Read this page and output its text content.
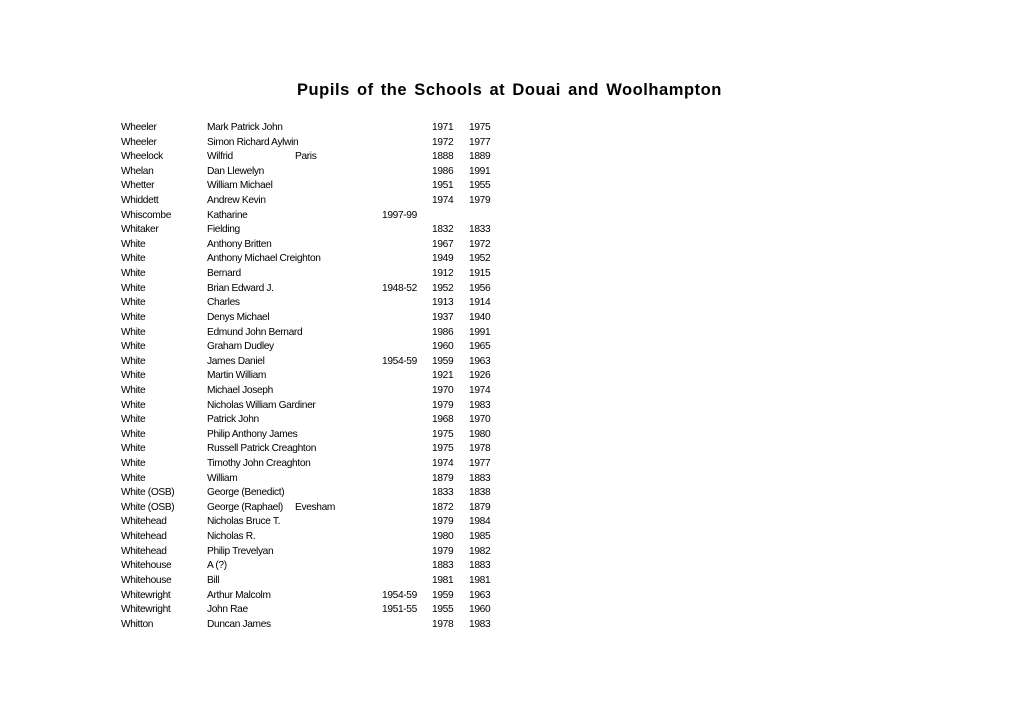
Pupils of the Schools at Douai and Woolhampton
Wheeler	Mark Patrick John	1971 1975
Wheeler	Simon Richard Aylwin	1972 1977
Wheelock	Wilfrid	Paris	1888 1889
Whelan	Dan Llewelyn	1986 1991
Whetter	William Michael	1951 1955
Whiddett	Andrew Kevin	1974 1979
Whiscombe	Katharine	1997-99
Whitaker	Fielding	1832 1833
White	Anthony Britten	1967 1972
White	Anthony Michael Creighton	1949 1952
White	Bernard	1912 1915
White	Brian Edward J.	1948-52 1952 1956
White	Charles	1913 1914
White	Denys Michael	1937 1940
White	Edmund John Bernard	1986 1991
White	Graham Dudley	1960 1965
White	James Daniel	1954-59 1959 1963
White	Martin William	1921 1926
White	Michael Joseph	1970 1974
White	Nicholas William Gardiner	1979 1983
White	Patrick John	1968 1970
White	Philip Anthony James	1975 1980
White	Russell Patrick Creaghton	1975 1978
White	Timothy John Creaghton	1974 1977
White	William	1879 1883
White (OSB)	George (Benedict)	1833 1838
White (OSB)	George (Raphael) Evesham	1872 1879
Whitehead	Nicholas Bruce T.	1979 1984
Whitehead	Nicholas R.	1980 1985
Whitehead	Philip Trevelyan	1979 1982
Whitehouse	A (?)	1883 1883
Whitehouse	Bill	1981 1981
Whitewright	Arthur Malcolm	1954-59 1959 1963
Whitewright	John Rae	1951-55 1955 1960
Whitton	Duncan James	1978 1983
